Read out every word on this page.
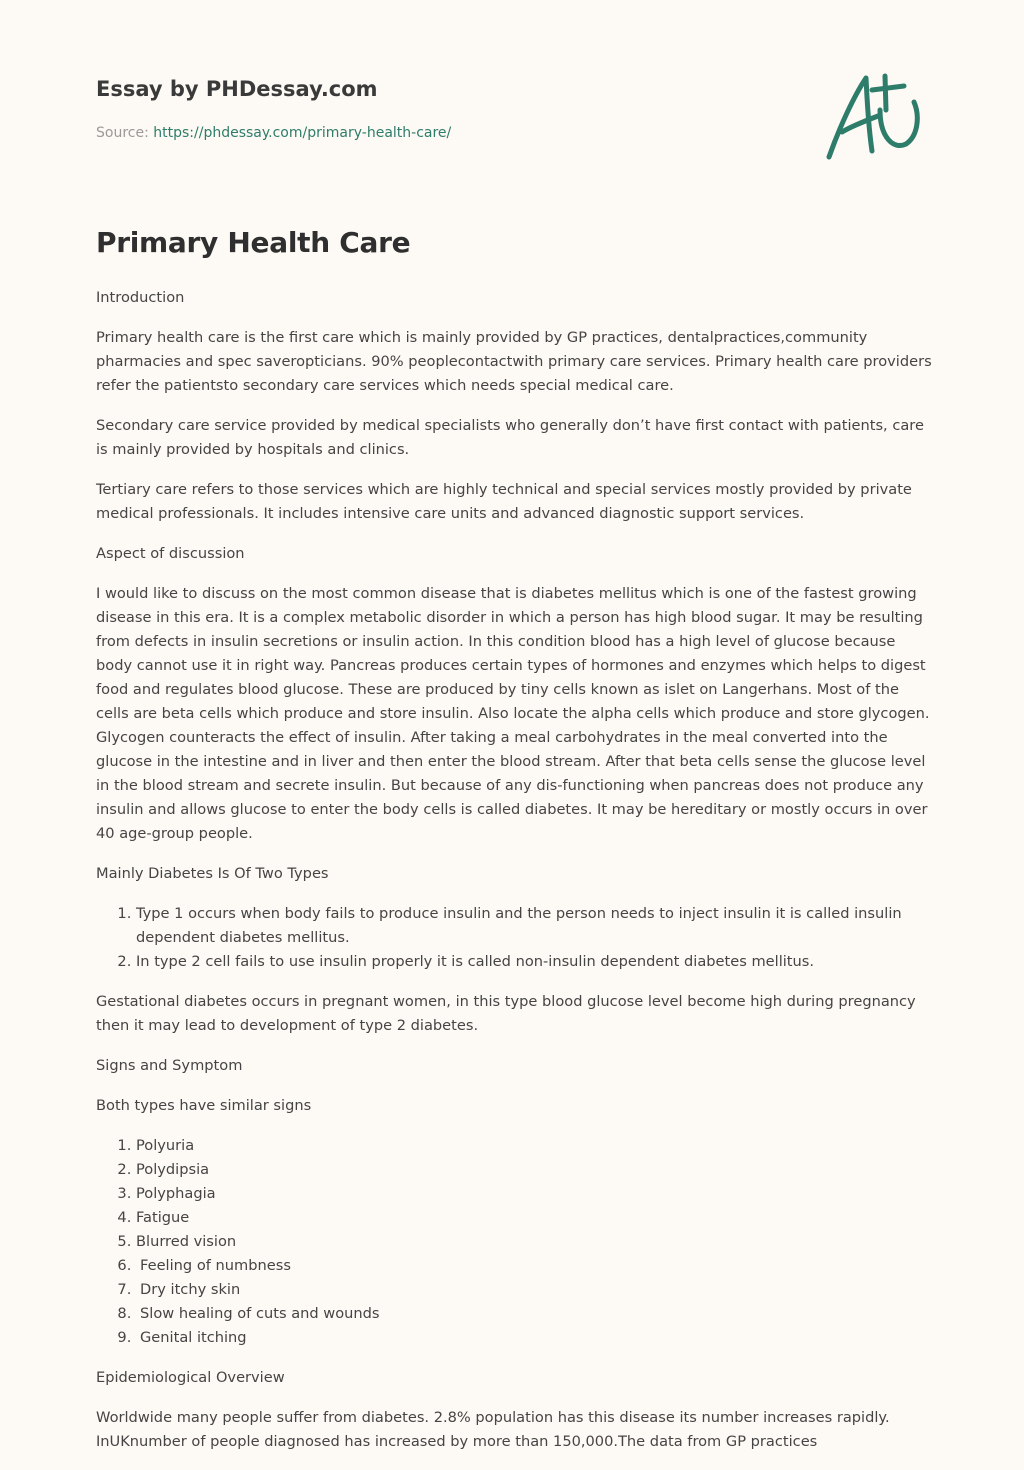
Essay by PHDessay.com

Source: https://phdessay.com/primary-health-care/

Primary Health Care

Introduction

Primary health care is the first care which is mainly provided by GP practices, dentalpractices,community pharmacies and spec saveropticians. 90% peoplecontactwith primary care services. Primary health care providers refer the patientsto secondary care services which needs special medical care.

Secondary care service provided by medical specialists who generally don’t have first contact with patients, care is mainly provided by hospitals and clinics.

Tertiary care refers to those services which are highly technical and special services mostly provided by private medical professionals. It includes intensive care units and advanced diagnostic support services.

Aspect of discussion

I would like to discuss on the most common disease that is diabetes mellitus which is one of the fastest growing disease in this era. It is a complex metabolic disorder in which a person has high blood sugar. It may be resulting from defects in insulin secretions or insulin action. In this condition blood has a high level of glucose because body cannot use it in right way. Pancreas produces certain types of hormones and enzymes which helps to digest food and regulates blood glucose. These are produced by tiny cells known as islet on Langerhans. Most of the cells are beta cells which produce and store insulin. Also locate the alpha cells which produce and store glycogen. Glycogen counteracts the effect of insulin. After taking a meal carbohydrates in the meal converted into the glucose in the intestine and in liver and then enter the blood stream. After that beta cells sense the glucose level in the blood stream and secrete insulin. But because of any dis-functioning when pancreas does not produce any insulin and allows glucose to enter the body cells is called diabetes. It may be hereditary or mostly occurs in over 40 age-group people.

Mainly Diabetes Is Of Two Types

1. Type 1 occurs when body fails to produce insulin and the person needs to inject insulin it is called insulin dependent diabetes mellitus.
2. In type 2 cell fails to use insulin properly it is called non-insulin dependent diabetes mellitus.

Gestational diabetes occurs in pregnant women, in this type blood glucose level become high during pregnancy then it may lead to development of type 2 diabetes.

Signs and Symptom

Both types have similar signs

1. Polyuria
2. Polydipsia
3. Polyphagia
4. Fatigue
5. Blurred vision
6. Feeling of numbness
7. Dry itchy skin
8. Slow healing of cuts and wounds
9. Genital itching

Epidemiological Overview

Worldwide many people suffer from diabetes. 2.8% population has this disease its number increases rapidly. InUKnumber of people diagnosed has increased by more than 150,000.The data from GP practices
